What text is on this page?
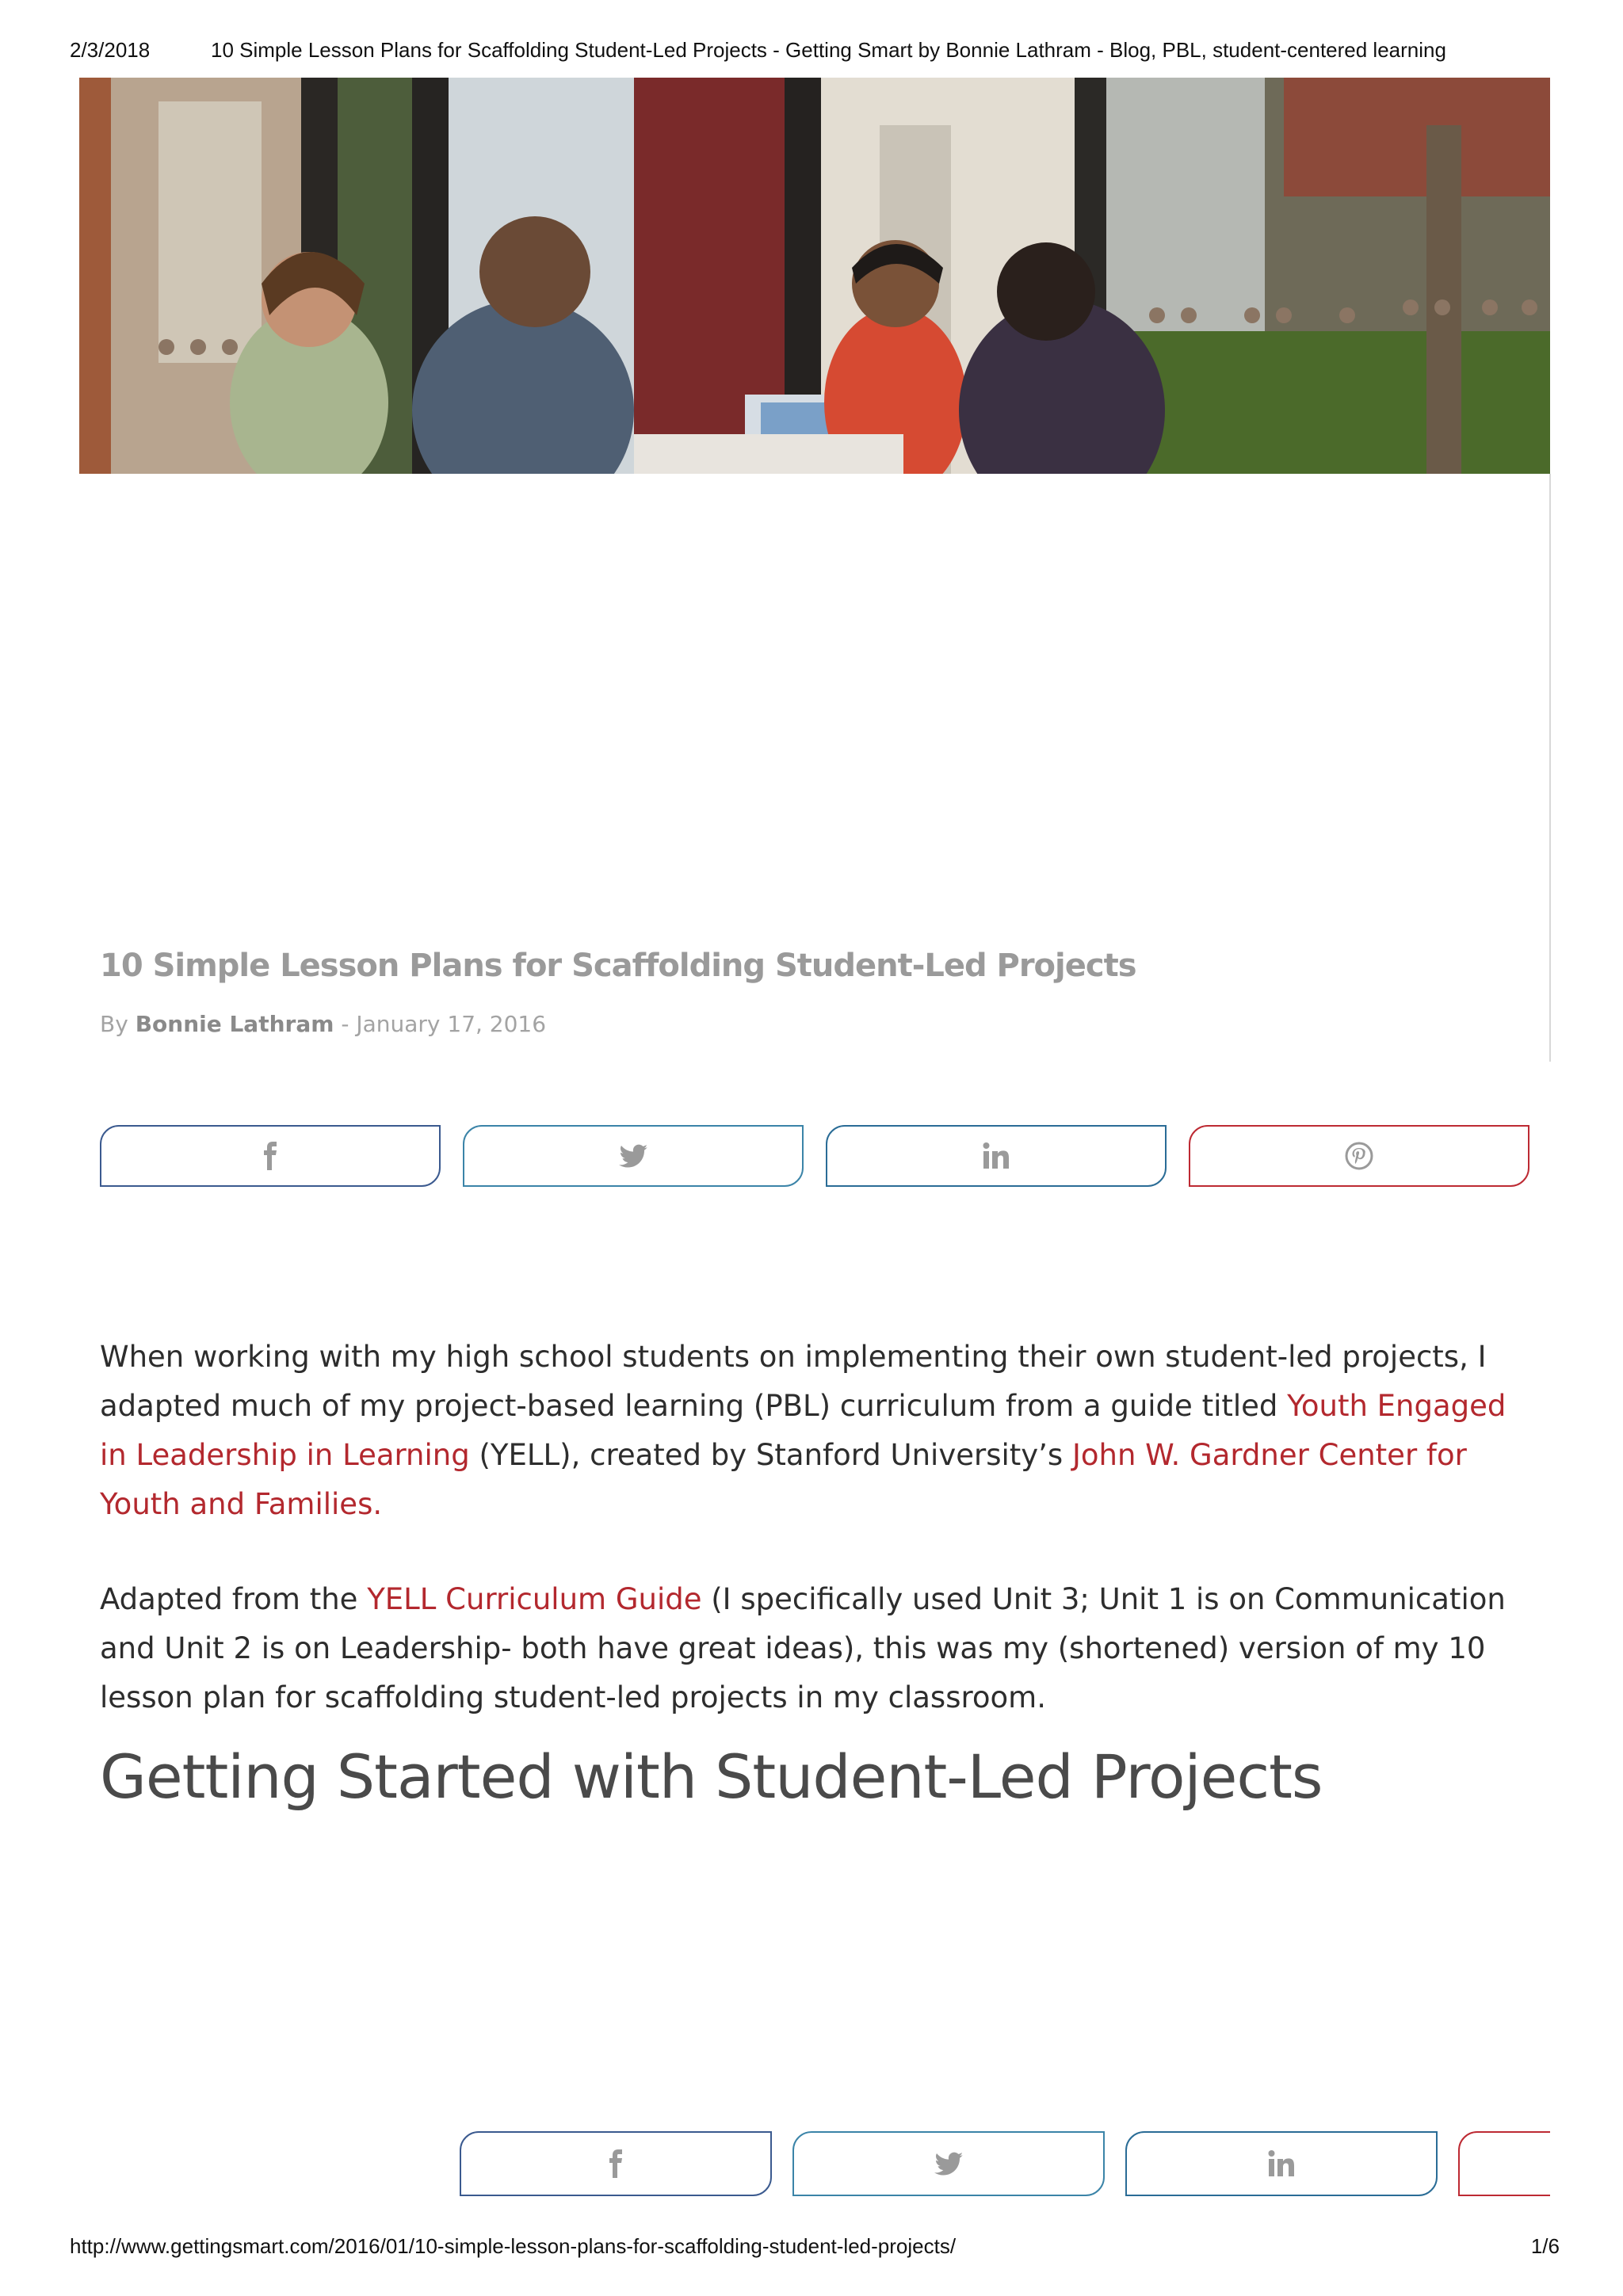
2/3/2018	10 Simple Lesson Plans for Scaffolding Student-Led Projects - Getting Smart by Bonnie Lathram - Blog, PBL, student-centered learning
10 Simple Lesson Plans for Scaffolding Student-Led Projects
By Bonnie Lathram - January 17, 2016

When working with my high school students on implementing their own student-led projects, I adapted much of my project-based learning (PBL) curriculum from a guide titled Youth Engaged in Leadership in Learning (YELL), created by Stanford University’s John W. Gardner Center for Youth and Families.

Adapted from the YELL Curriculum Guide (I specifically used Unit 3; Unit 1 is on Communication and Unit 2 is on Leadership- both have great ideas), this was my (shortened) version of my 10 lesson plan for scaffolding student-led projects in my classroom.

Getting Started with Student-Led Projects
http://www.gettingsmart.com/2016/01/10-simple-lesson-plans-for-scaffolding-student-led-projects/	1/6
